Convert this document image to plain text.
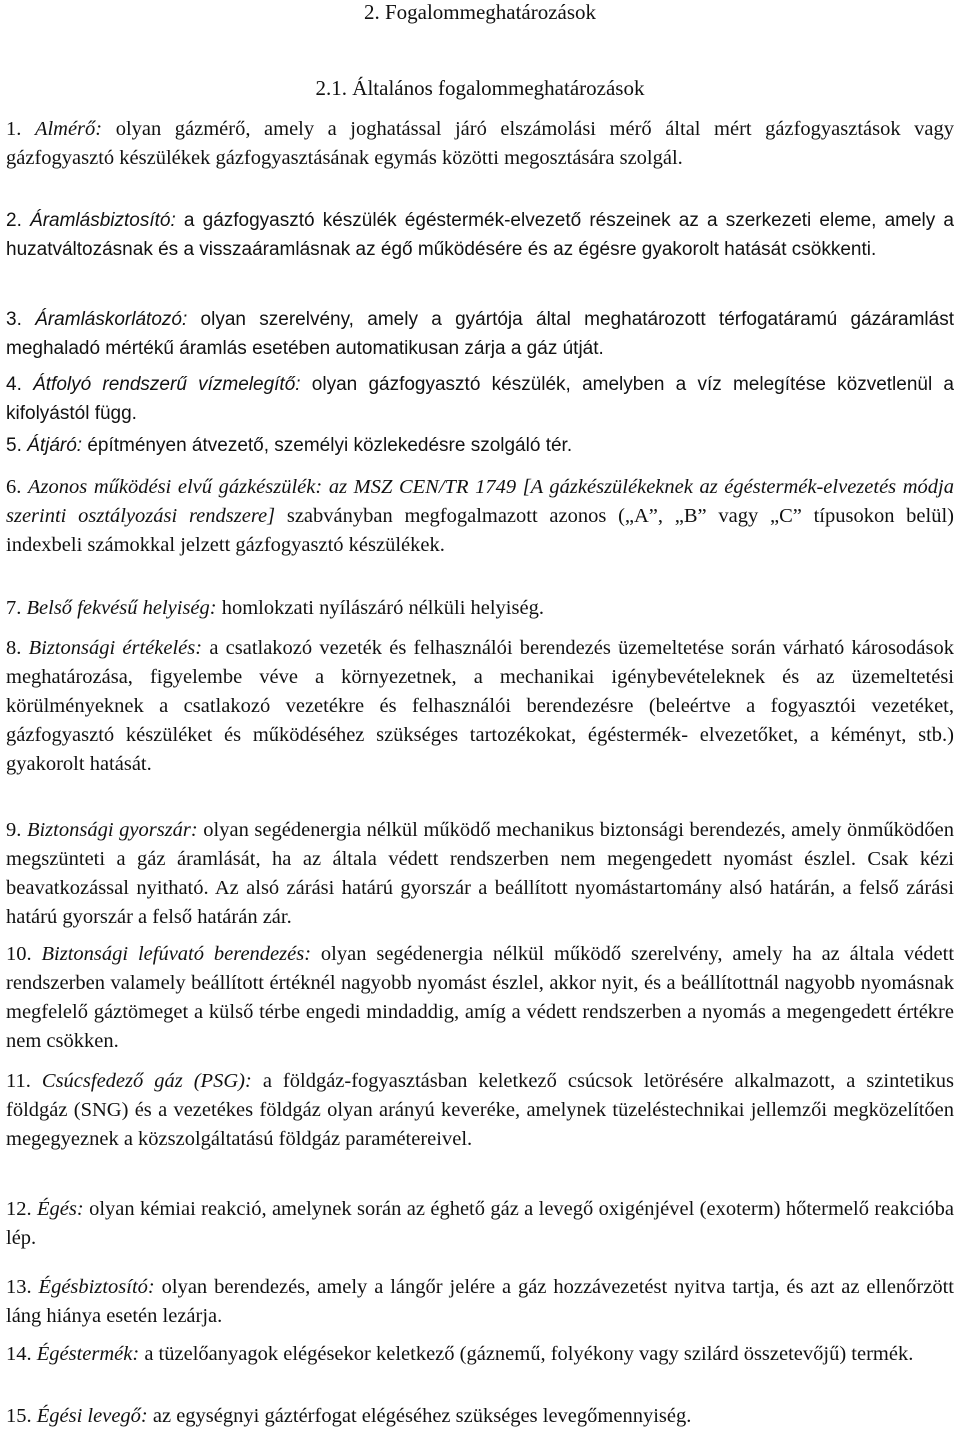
2. Fogalommeghatározások
2.1. Általános fogalommeghatározások
1. Almérő: olyan gázmérő, amely a joghatással járó elszámolási mérő által mért gázfogyasztások vagy gázfogyasztó készülékek gázfogyasztásának egymás közötti megosztására szolgál.
2. Áramlásbiztosító: a gázfogyasztó készülék égéstermék-elvezető részeinek az a szerkezeti eleme, amely a huzatváltozásnak és a visszaáramlásnak az égő működésére és az égésre gyakorolt hatását csökkenti.
3. Áramláskorlátozó: olyan szerelvény, amely a gyártója által meghatározott térfogatáramú gázáramlást meghaladó mértékű áramlás esetében automatikusan zárja a gáz útját.
4. Átfolyó rendszerű vízmelegítő: olyan gázfogyasztó készülék, amelyben a víz melegítése közvetlenül a kifolyástól függ.
5. Átjáró: építményen átvezető, személyi közlekedésre szolgáló tér.
6. Azonos működési elvű gázkészülék: az MSZ CEN/TR 1749 [A gázkészülékeknek az égéstermék-elvezetés módja szerinti osztályozási rendszere] szabványban megfogalmazott azonos („A”, „B” vagy „C” típusokon belül) indexbeli számokkal jelzett gázfogyasztó készülékek.
7. Belső fekvésű helyiség: homlokzati nyílászáró nélküli helyiség.
8. Biztonsági értékelés: a csatlakozó vezeték és felhasználói berendezés üzemeltetése során várható károsodások meghatározása, figyelembe véve a környezetnek, a mechanikai igénybevételeknek és az üzemeltetési körülményeknek a csatlakozó vezetékre és felhasználói berendezésre (beleértve a fogyasztói vezetéket, gázfogyasztó készüléket és működéséhez szükséges tartozékokat, égéstermék- elvezetőket, a kéményt, stb.) gyakorolt hatását.
9. Biztonsági gyorszár: olyan segédenergia nélkül működő mechanikus biztonsági berendezés, amely önműködően megszünteti a gáz áramlását, ha az általa védett rendszerben nem megengedett nyomást észlel. Csak kézi beavatkozással nyitható. Az alsó zárási határú gyorszár a beállított nyomástartomány alsó határán, a felső zárási határú gyorszár a felső határán zár.
10. Biztonsági lefúvató berendezés: olyan segédenergia nélkül működő szerelvény, amely ha az általa védett rendszerben valamely beállított értéknél nagyobb nyomást észlel, akkor nyit, és a beállítottnál nagyobb nyomásnak megfelelő gáztömeget a külső térbe engedi mindaddig, amíg a védett rendszerben a nyomás a megengedett értékre nem csökken.
11. Csúcsfedező gáz (PSG): a földgáz-fogyasztásban keletkező csúcsok letörésére alkalmazott, a szintetikus földgáz (SNG) és a vezetékes földgáz olyan arányú keveréke, amelynek tüzeléstechnikai jellemzői megközelítően megegyeznek a közszolgáltatású földgáz paramétereivel.
12. Égés: olyan kémiai reakció, amelynek során az éghető gáz a levegő oxigénjével (exoterm) hőtermelő reakcióba lép.
13. Égésbiztosító: olyan berendezés, amely a lángőr jelére a gáz hozzávezetést nyitva tartja, és azt az ellenőrzött láng hiánya esetén lezárja.
14. Égéstermék: a tüzelőanyagok elégésekor keletkező (gáznemű, folyékony vagy szilárd összetevőjű) termék.
15. Égési levegő: az egységnyi gáztérfogat elégéséhez szükséges levegőmennyiség.
